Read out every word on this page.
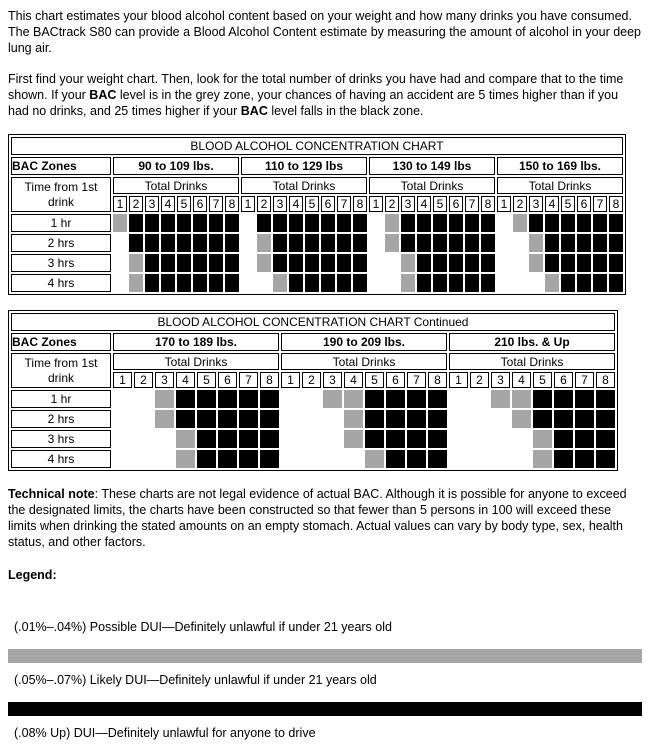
This chart estimates your blood alcohol content based on your weight and how many drinks you have consumed. The BACtrack S80 can provide a Blood Alcohol Content estimate by measuring the amount of alcohol in your deep lung air.

First find your weight chart. Then, look for the total number of drinks you have had and compare that to the time shown. If your BAC level is in the grey zone, your chances of having an accident are 5 times higher than if you had no drinks, and 25 times higher if your BAC level falls in the black zone.

BLOOD ALCOHOL CONCENTRATION CHART																																
BAC Zones	90 to 109 lbs.								110 to 129 lbs								130 to 149 lbs								150 to 169 lbs.							
Time from 1st drink	Total Drinks								Total Drinks								Total Drinks								Total Drinks							
	1	2	3	4	5	6	7	8	1	2	3	4	5	6	7	8	1	2	3	4	5	6	7	8	1	2	3	4	5	6	7	8
1 hr																																
2 hrs																																
3 hrs																																
4 hrs																																
BLOOD ALCOHOL CONCENTRATION CHART Continued																								
BAC Zones	170 to 189 lbs.								190 to 209 lbs.								210 lbs. & Up							
Time from 1st drink	Total Drinks								Total Drinks								Total Drinks							
	1	2	3	4	5	6	7	8	1	2	3	4	5	6	7	8	1	2	3	4	5	6	7	8
1 hr																								
2 hrs																								
3 hrs																								
4 hrs																								

Technical note: These charts are not legal evidence of actual BAC. Although it is possible for anyone to exceed the designated limits, the charts have been constructed so that fewer than 5 persons in 100 will exceed these limits when drinking the stated amounts on an empty stomach. Actual values can vary by body type, sex, health status, and other factors.

Legend:
(.01%–.04%) Possible DUI—Definitely unlawful if under 21 years old
(.05%–.07%) Likely DUI—Definitely unlawful if under 21 years old
(.08% Up) DUI—Definitely unlawful for anyone to drive
